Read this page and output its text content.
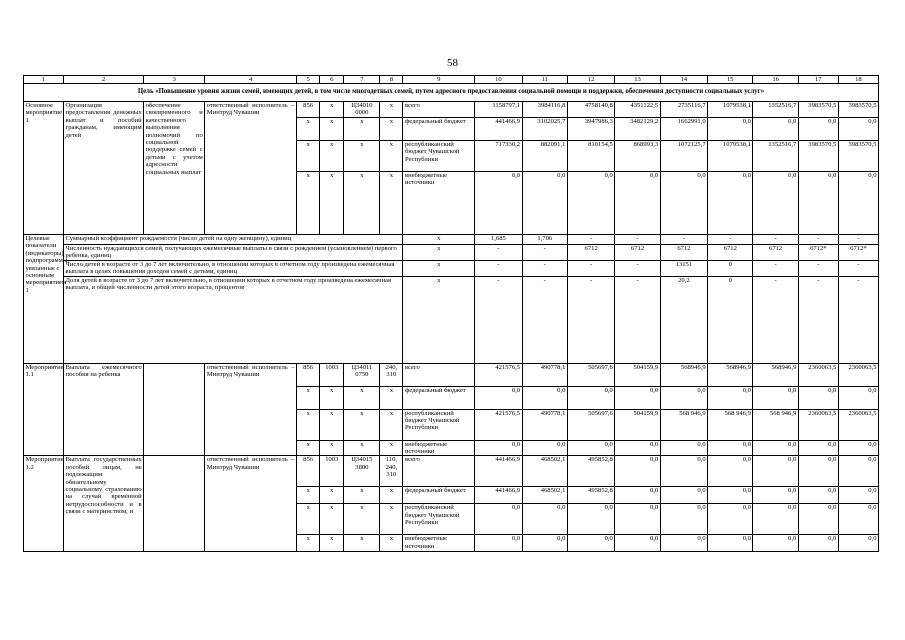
58
1	2	3	4	5	6	7	8	9	10	11	12	13	14	15	16	17	18
Цель «Повышение уровня жизни семей, имеющих детей, в том числе многодетных семей, путем адресного предоставления социальной помощи и поддержки, обеспечения доступности социальных услуг»																	
Основное мероприятие 1	Организация предоставления денежных выплат и пособий гражданам, имеющим детей	обеспечение своевременного и качественного выполнения полномочий по социальной поддержке семей с детьми с учетом адресности социальных выплат	ответственный исполнитель – Минтруд Чувашии	856	x	Ц34010 0000	x	всего	1158797,1	3984116,8	4758140,8	4351122,5	2735116,7	1079538,1	1352516,7	3983570,5	3983570,5
				x	x	x	x	федеральный бюджет	441466,9	3102025,7	3947986,3	3482129,2	1662991,0	0,0	0,0	0,0	0,0
				x	x	x	x	республиканский бюджет Чувашской Республики	717330,2	882091,1	810154,5	868993,3	1072125,7	1079538,1	1352516,7	3983570,5	3983570,5
				x	x	x	x	внебюджетные источники	0,0	0,0	0,0	0,0	0,0	0,0	0,0	0,0	0,0
Целевые показатели (индикаторы) подпрограммы, увязанные с основным мероприятием 1	Суммарный коэффициент рождаемости (число детей на одну женщину), единиц							x	1,685	1,706	-	-	-	-	-	-	-
	Численность нуждающихся семей, получающих ежемесячные выплаты в связи с рождением (усыновлением) первого ребенка, единиц							x	-	-	6712	6712	6712	6712	6712	6712*	6712*
	Число детей в возрасте от 3 до 7 лет включительно, в отношении которых в отчетном году произведена ежемесячная выплата в целях повышения доходов семей с детьми, единиц							x	-	-	-	-	13151	0	-	-	-
	Доля детей в возрасте от 3 до 7 лет включительно, в отношении которых в отчетном году произведена ежемесячная выплата, в общей численности детей этого возраста, процентов							x	-	-	-	-	20,2	0	-	-	-
Мероприятие 1.1	Выплата ежемесячного пособия на ребенка		ответственный исполнитель – Минтруд Чувашии	856	1003	Ц34011 0750	240, 310	всего	421576,5	490778,1	505697,6	504159,9	568946,9	568946,9	568946,9	2360063,5	2360063,5
				x	x	x	x	федеральный бюджет	0,0	0,0	0,0	0,0	0,0	0,0	0,0	0,0	0,0
				x	x	x	x	республиканский бюджет Чувашской Республики	421576,5	490778,1	505697,6	504159,9	568 946,9	568 946,9	568 946,9	2360063,5	2360063,5
				x	x	x	x	внебюджетные источники	0,0	0,0	0,0	0,0	0,0	0,0	0,0	0,0	0,0
Мероприятие 1.2	Выплата государственных пособий лицам, не подлежащим обязательному социальному страхованию на случай временной нетрудоспособности и в связи с материнством, и		ответственный исполнитель – Минтруд Чувашии	856	1003	Ц34015 3800	110, 240, 310	всего	441466,9	468502,1	495852,8	0,0	0,0	0,0	0,0	0,0	0,0
				x	x	x	x	федеральный бюджет	441466,9	468502,1	495852,8	0,0	0,0	0,0	0,0	0,0	0,0
				x	x	x	x	республиканский бюджет Чувашской Республики	0,0	0,0	0,0	0,0	0,0	0,0	0,0	0,0	0,0
				x	x	x	x	внебюджетные источники	0,0	0,0	0,0	0,0	0,0	0,0	0,0	0,0	0,0
